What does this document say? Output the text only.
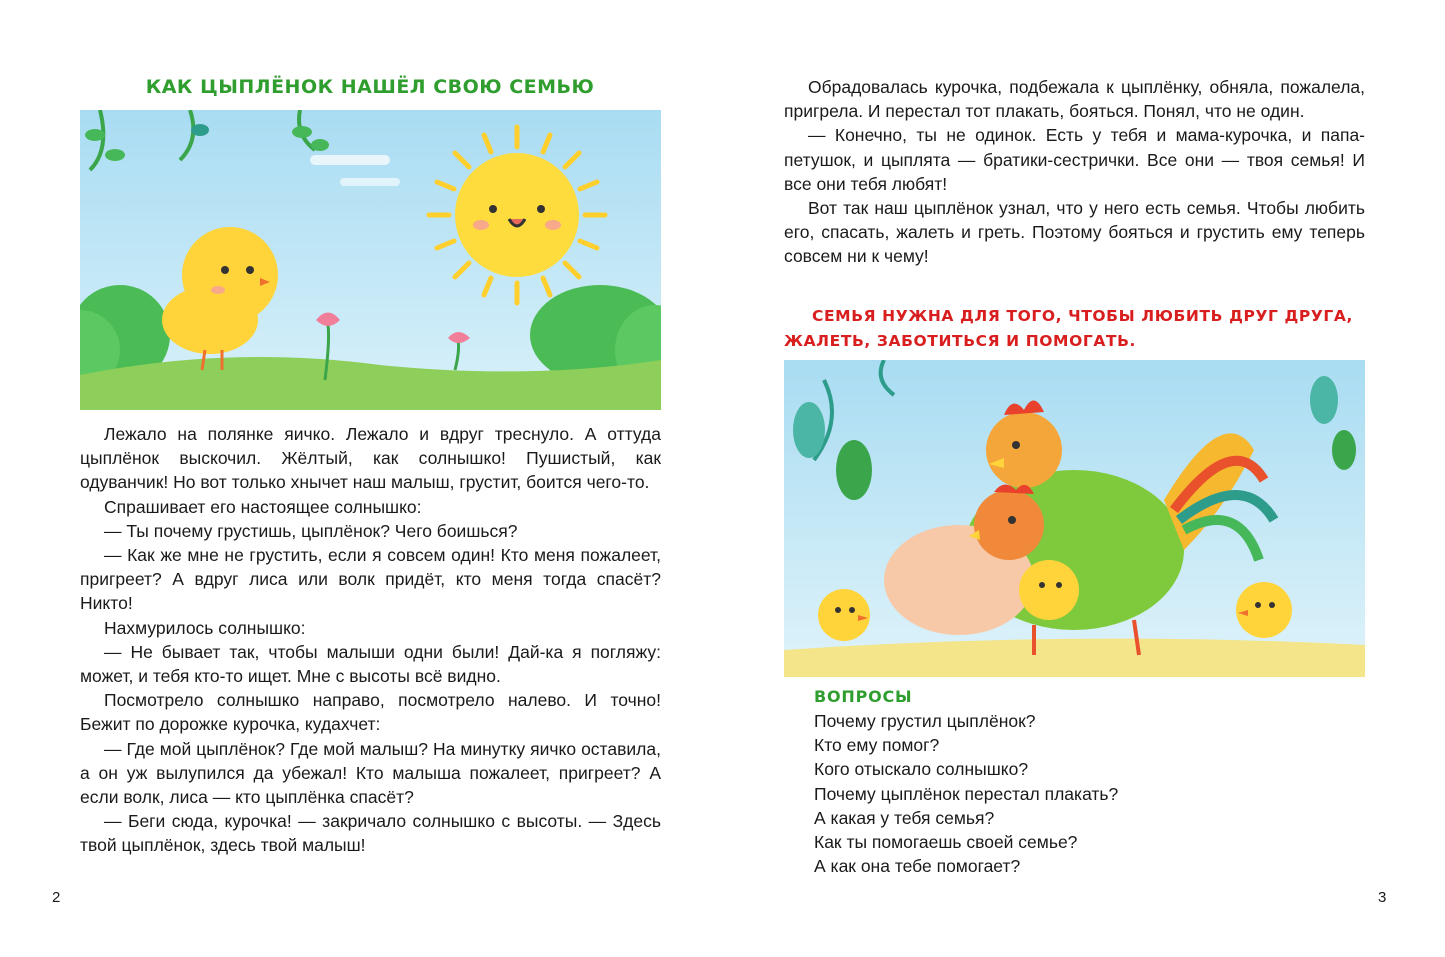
КАК ЦЫПЛЁНОК НАШЁЛ СВОЮ СЕМЬЮ

Лежало на полянке яичко. Лежало и вдруг треснуло. А оттуда цыплёнок выскочил. Жёлтый, как солнышко! Пушистый, как одуванчик! Но вот только хнычет наш малыш, грустит, боится чего-то.

Спрашивает его настоящее солнышко:

— Ты почему грустишь, цыплёнок? Чего боишься?

— Как же мне не грустить, если я совсем один! Кто меня пожалеет, пригреет? А вдруг лиса или волк придёт, кто меня тогда спасёт? Никто!

Нахмурилось солнышко:

— Не бывает так, чтобы малыши одни были! Дай-ка я погляжу: может, и тебя кто-то ищет. Мне с высоты всё видно.

Посмотрело солнышко направо, посмотрело налево. И точно! Бежит по дорожке курочка, кудахчет:

— Где мой цыплёнок? Где мой малыш? На минутку яичко оставила, а он уж вылупился да убежал! Кто малыша пожалеет, пригреет? А если волк, лиса — кто цыплёнка спасёт?

— Беги сюда, курочка! — закричало солнышко с высоты. — Здесь твой цыплёнок, здесь твой малыш!

2

Обрадовалась курочка, подбежала к цыплёнку, обняла, пожалела, пригрела. И перестал тот плакать, бояться. Понял, что не один.

— Конечно, ты не одинок. Есть у тебя и мама-курочка, и папа-петушок, и цыплята — братики-сестрички. Все они — твоя семья! И все они тебя любят!

Вот так наш цыплёнок узнал, что у него есть семья. Чтобы любить его, спасать, жалеть и греть. Поэтому бояться и грустить ему теперь совсем ни к чему!

СЕМЬЯ НУЖНА ДЛЯ ТОГО, ЧТОБЫ ЛЮБИТЬ ДРУГ ДРУГА, ЖАЛЕТЬ, ЗАБОТИТЬСЯ И ПОМОГАТЬ.
ВОПРОСЫ
Почему грустил цыплёнок?
Кто ему помог?
Кого отыскало солнышко?
Почему цыплёнок перестал плакать?
А какая у тебя семья?
Как ты помогаешь своей семье?
А как она тебе помогает?
3
